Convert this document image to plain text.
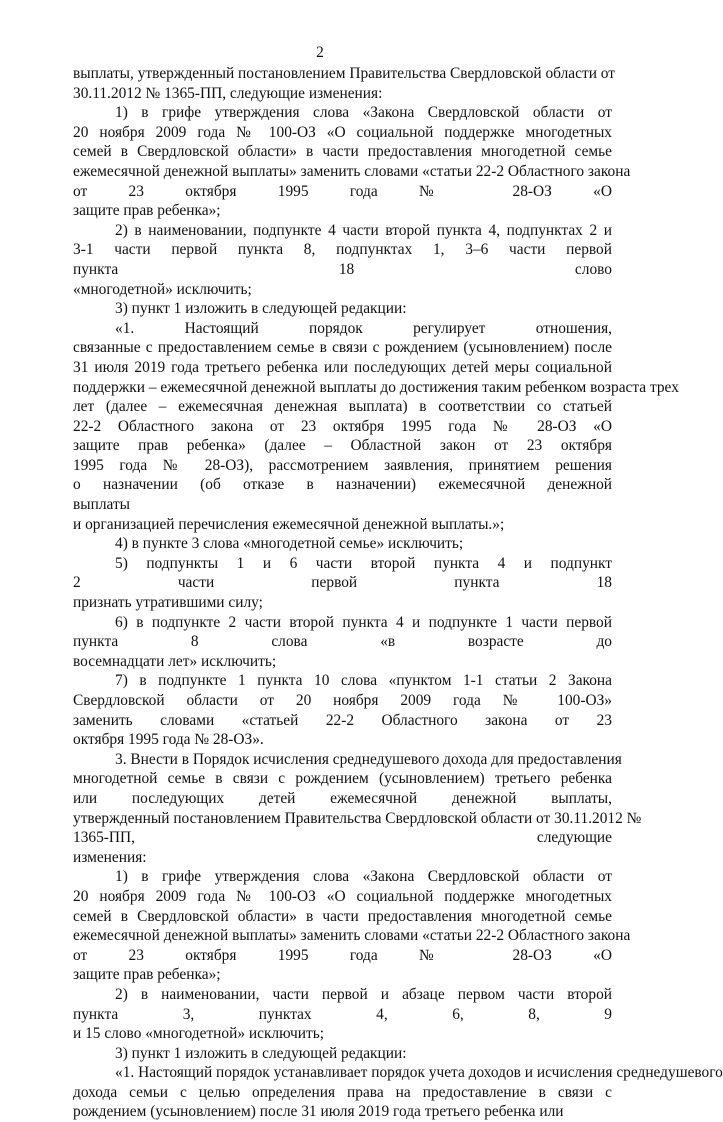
2
выплаты, утвержденный постановлением Правительства Свердловской области от
30.11.2012 № 1365-ПП, следующие изменения:
1) в грифе утверждения слова «Закона Свердловской области от
20 ноября 2009 года № 100-ОЗ «О социальной поддержке многодетных
семей в Свердловской области» в части предоставления многодетной семье
ежемесячной денежной выплаты» заменить словами «статьи 22-2 Областного закона
от 23 октября 1995 года № 28-ОЗ «О
защите прав ребенка»;
2) в наименовании, подпункте 4 части второй пункта 4, подпунктах 2 и
3-1 части первой пункта 8, подпунктах 1, 3–6 части первой
пункта 18 слово
«многодетной» исключить;
3) пункт 1 изложить в следующей редакции:
«1. Настоящий порядок регулирует отношения,
связанные с предоставлением семье в связи с рождением (усыновлением) после
31 июля 2019 года третьего ребенка или последующих детей меры социальной
поддержки – ежемесячной денежной выплаты до достижения таким ребенком возраста трех
лет (далее – ежемесячная денежная выплата) в соответствии со статьей
22-2 Областного закона от 23 октября 1995 года № 28-ОЗ «О
защите прав ребенка» (далее – Областной закон от 23 октября
1995 года № 28-ОЗ), рассмотрением заявления, принятием решения
о назначении (об отказе в назначении) ежемесячной денежной
выплаты
и организацией перечисления ежемесячной денежной выплаты.»;
4) в пункте 3 слова «многодетной семье» исключить;
5) подпункты 1 и 6 части второй пункта 4 и подпункт
2 части первой пункта 18
признать утратившими силу;
6) в подпункте 2 части второй пункта 4 и подпункте 1 части первой
пункта 8 слова «в возрасте до
восемнадцати лет» исключить;
7) в подпункте 1 пункта 10 слова «пунктом 1-1 статьи 2 Закона
Свердловской области от 20 ноября 2009 года № 100-ОЗ»
заменить словами «статьей 22-2 Областного закона от 23
октября 1995 года № 28-ОЗ».
3. Внести в Порядок исчисления среднедушевого дохода для предоставления
многодетной семье в связи с рождением (усыновлением) третьего ребенка
или последующих детей ежемесячной денежной выплаты,
утвержденный постановлением Правительства Свердловской области от 30.11.2012 №
1365-ПП, следующие
изменения:
1) в грифе утверждения слова «Закона Свердловской области от
20 ноября 2009 года № 100-ОЗ «О социальной поддержке многодетных
семей в Свердловской области» в части предоставления многодетной семье
ежемесячной денежной выплаты» заменить словами «статьи 22-2 Областного закона
от 23 октября 1995 года № 28-ОЗ «О
защите прав ребенка»;
2) в наименовании, части первой и абзаце первом части второй
пункта 3, пунктах 4, 6, 8, 9
и 15 слово «многодетной» исключить;
3) пункт 1 изложить в следующей редакции:
«1. Настоящий порядок устанавливает порядок учета доходов и исчисления среднедушевого
дохода семьи с целью определения права на предоставление в связи с
рождением (усыновлением) после 31 июля 2019 года третьего ребенка или
